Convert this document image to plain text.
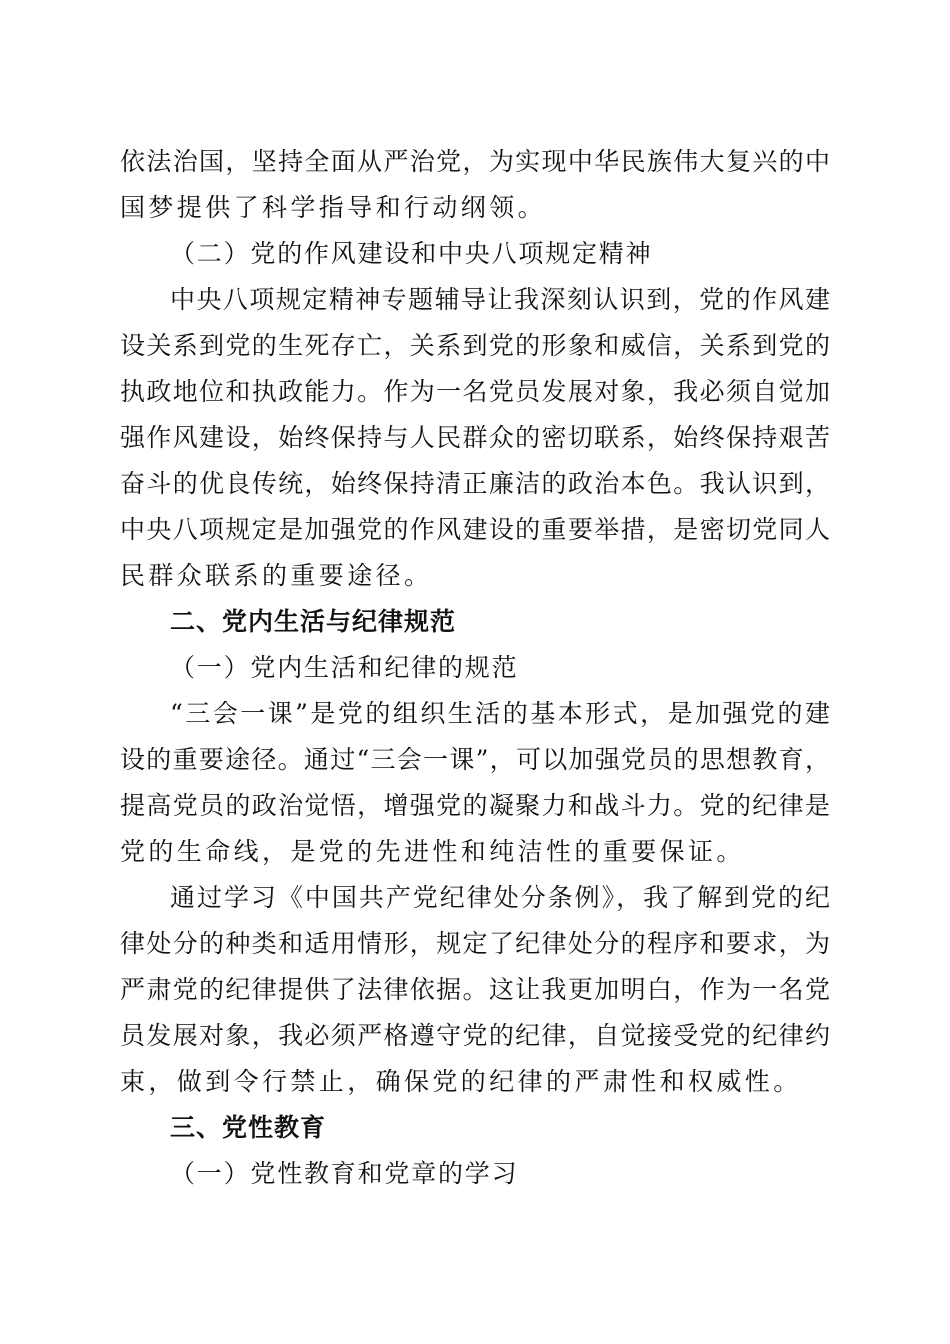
依法治国，坚持全面从严治党，为实现中华民族伟大复兴的中
国梦提供了科学指导和行动纲领。
（二）党的作风建设和中央八项规定精神
中央八项规定精神专题辅导让我深刻认识到，党的作风建
设关系到党的生死存亡，关系到党的形象和威信，关系到党的
执政地位和执政能力。作为一名党员发展对象，我必须自觉加
强作风建设，始终保持与人民群众的密切联系，始终保持艰苦
奋斗的优良传统，始终保持清正廉洁的政治本色。我认识到，
中央八项规定是加强党的作风建设的重要举措，是密切党同人
民群众联系的重要途径。
二、党内生活与纪律规范
（一）党内生活和纪律的规范
“三会一课”是党的组织生活的基本形式，是加强党的建
设的重要途径。通过“三会一课”，可以加强党员的思想教育，
提高党员的政治觉悟，增强党的凝聚力和战斗力。党的纪律是
党的生命线，是党的先进性和纯洁性的重要保证。
通过学习《中国共产党纪律处分条例》，我了解到党的纪
律处分的种类和适用情形，规定了纪律处分的程序和要求，为
严肃党的纪律提供了法律依据。这让我更加明白，作为一名党
员发展对象，我必须严格遵守党的纪律，自觉接受党的纪律约
束，做到令行禁止，确保党的纪律的严肃性和权威性。
三、党性教育
（一）党性教育和党章的学习
